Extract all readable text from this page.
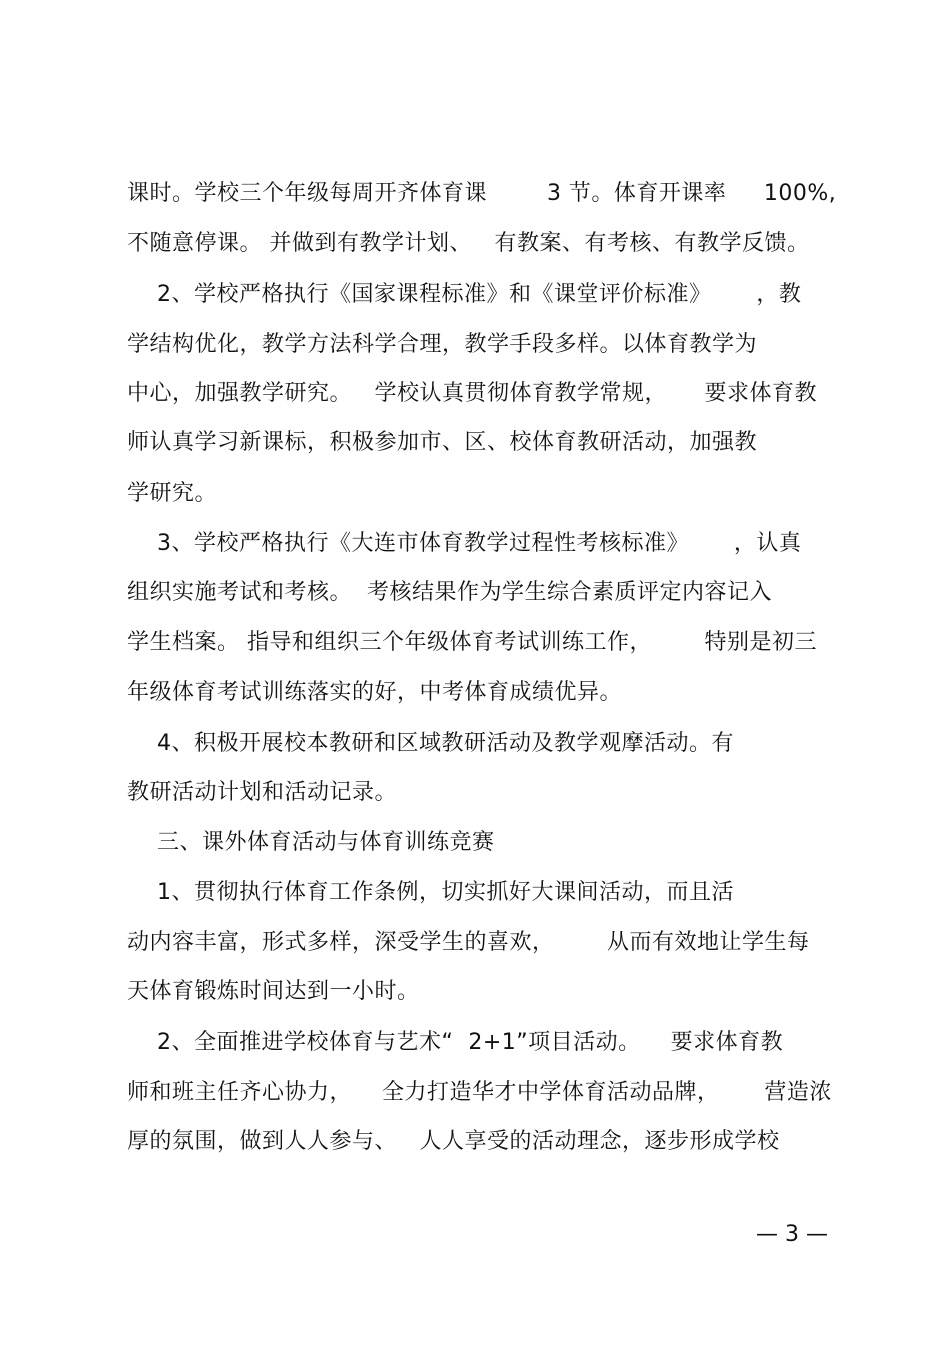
课时。学校三个年级每周开齐体育课        3 节。体育开课率     100%,
不随意停课。 并做到有教学计划、   有教案、有考核、有教学反馈。
2、学校严格执行《国家课程标准》和《课堂评价标准》      ，教
学结构优化，教学方法科学合理，教学手段多样。以体育教学为
中心，加强教学研究。   学校认真贯彻体育教学常规，     要求体育教
师认真学习新课标，积极参加市、区、校体育教研活动，加强教
学研究。
3、学校严格执行《大连市体育教学过程性考核标准》      ，认真
组织实施考试和考核。  考核结果作为学生综合素质评定内容记入
学生档案。 指导和组织三个年级体育考试训练工作，       特别是初三
年级体育考试训练落实的好，中考体育成绩优异。
4、积极开展校本教研和区域教研活动及教学观摩活动。有
教研活动计划和活动记录。
三、课外体育活动与体育训练竞赛
1、贯彻执行体育工作条例，切实抓好大课间活动，而且活
动内容丰富，形式多样，深受学生的喜欢，       从而有效地让学生每
天体育锻炼时间达到一小时。
2、全面推进学校体育与艺术“  2+1”项目活动。    要求体育教
师和班主任齐心协力，    全力打造华才中学体育活动品牌，      营造浓
厚的氛围，做到人人参与、   人人享受的活动理念，逐步形成学校
— 3 —
